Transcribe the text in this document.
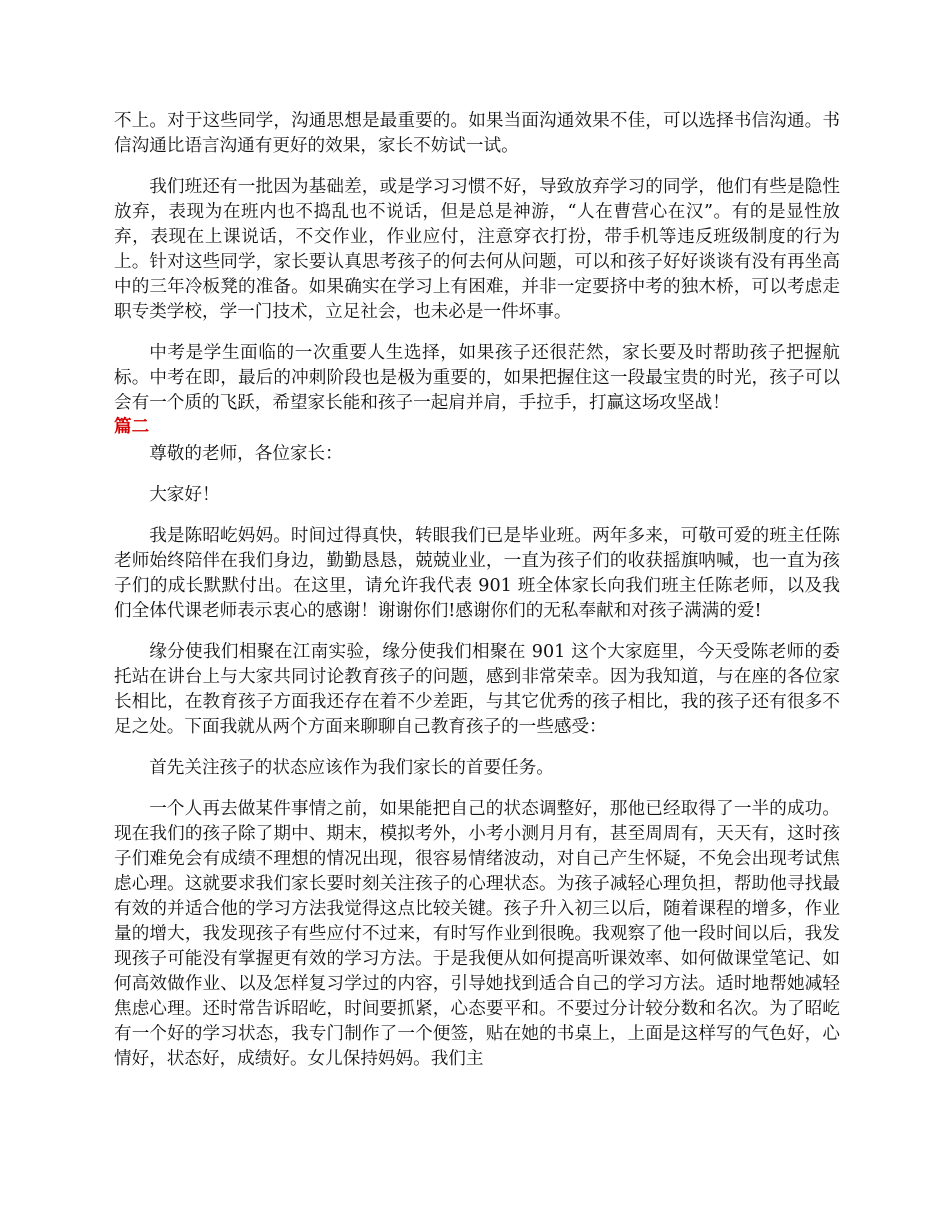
不上。对于这些同学，沟通思想是最重要的。如果当面沟通效果不佳，可以选择书信沟通。书信沟通比语言沟通有更好的效果，家长不妨试一试。

我们班还有一批因为基础差，或是学习习惯不好，导致放弃学习的同学，他们有些是隐性放弃，表现为在班内也不捣乱也不说话，但是总是神游，“人在曹营心在汉”。有的是显性放弃，表现在上课说话，不交作业，作业应付，注意穿衣打扮，带手机等违反班级制度的行为上。针对这些同学，家长要认真思考孩子的何去何从问题，可以和孩子好好谈谈有没有再坐高中的三年冷板凳的准备。如果确实在学习上有困难，并非一定要挤中考的独木桥，可以考虑走职专类学校，学一门技术，立足社会，也未必是一件坏事。

中考是学生面临的一次重要人生选择，如果孩子还很茫然，家长要及时帮助孩子把握航标。中考在即，最后的冲刺阶段也是极为重要的，如果把握住这一段最宝贵的时光，孩子可以会有一个质的飞跃，希望家长能和孩子一起肩并肩，手拉手，打赢这场攻坚战！

篇二

尊敬的老师，各位家长：

大家好！

我是陈昭屹妈妈。时间过得真快，转眼我们已是毕业班。两年多来，可敬可爱的班主任陈老师始终陪伴在我们身边，勤勤恳恳，兢兢业业，一直为孩子们的收获摇旗呐喊，也一直为孩子们的成长默默付出。在这里，请允许我代表 901 班全体家长向我们班主任陈老师，以及我们全体代课老师表示衷心的感谢！谢谢你们!感谢你们的无私奉献和对孩子满满的爱!

缘分使我们相聚在江南实验，缘分使我们相聚在 901 这个大家庭里，今天受陈老师的委托站在讲台上与大家共同讨论教育孩子的问题，感到非常荣幸。因为我知道，与在座的各位家长相比，在教育孩子方面我还存在着不少差距，与其它优秀的孩子相比，我的孩子还有很多不足之处。下面我就从两个方面来聊聊自己教育孩子的一些感受：

首先关注孩子的状态应该作为我们家长的首要任务。

一个人再去做某件事情之前，如果能把自己的状态调整好，那他已经取得了一半的成功。现在我们的孩子除了期中、期末，模拟考外，小考小测月月有，甚至周周有，天天有，这时孩子们难免会有成绩不理想的情况出现，很容易情绪波动，对自己产生怀疑，不免会出现考试焦虑心理。这就要求我们家长要时刻关注孩子的心理状态。为孩子减轻心理负担，帮助他寻找最有效的并适合他的学习方法我觉得这点比较关键。孩子升入初三以后，随着课程的增多，作业量的增大，我发现孩子有些应付不过来，有时写作业到很晚。我观察了他一段时间以后，我发现孩子可能没有掌握更有效的学习方法。于是我便从如何提高听课效率、如何做课堂笔记、如何高效做作业、以及怎样复习学过的内容，引导她找到适合自己的学习方法。适时地帮她减轻焦虑心理。还时常告诉昭屹，时间要抓紧，心态要平和。不要过分计较分数和名次。为了昭屹有一个好的学习状态，我专门制作了一个便签，贴在她的书桌上，上面是这样写的气色好，心情好，状态好，成绩好。女儿保持妈妈。我们主
